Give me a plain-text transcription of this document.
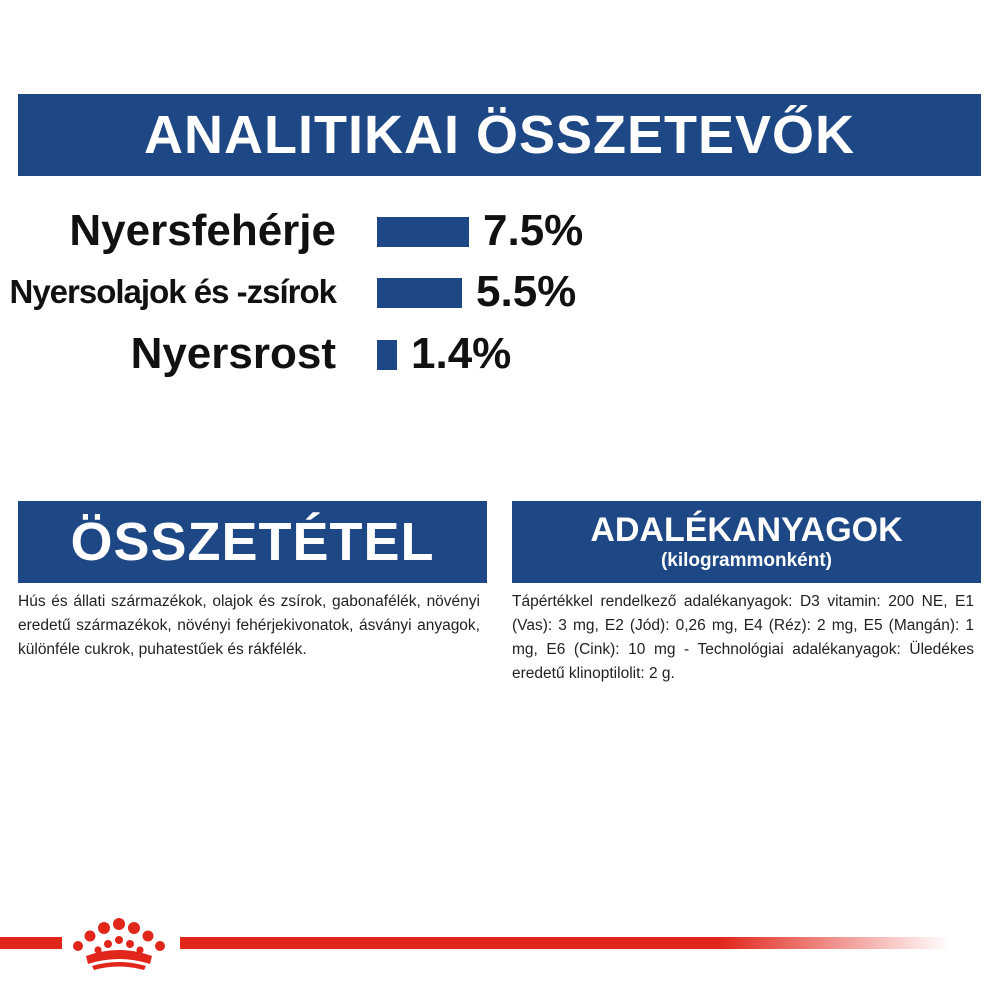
ANALITIKAI ÖSSZETEVŐK
Nyersfehérje	7.5%
Nyersolajok és -zsírok	5.5%
Nyersrost 1.4%
ÖSSZETÉTEL
Hús és állati származékok, olajok és zsírok, gabonafélék, növényi eredetű származékok, növényi fehérjekivonatok, ásványi anyagok, különféle cukrok, puhatestűek és rákfélék.
ADALÉKANYAGOK
(kilogrammonként)
Tápértékkel rendelkező adalékanyagok: D3 vitamin: 200 NE, E1 (Vas): 3 mg, E2 (Jód): 0,26 mg, E4 (Réz): 2 mg, E5 (Mangán): 1 mg, E6 (Cink): 10 mg - Technológiai adalékanyagok: Üledékes eredetű klinoptilolit: 2 g.
